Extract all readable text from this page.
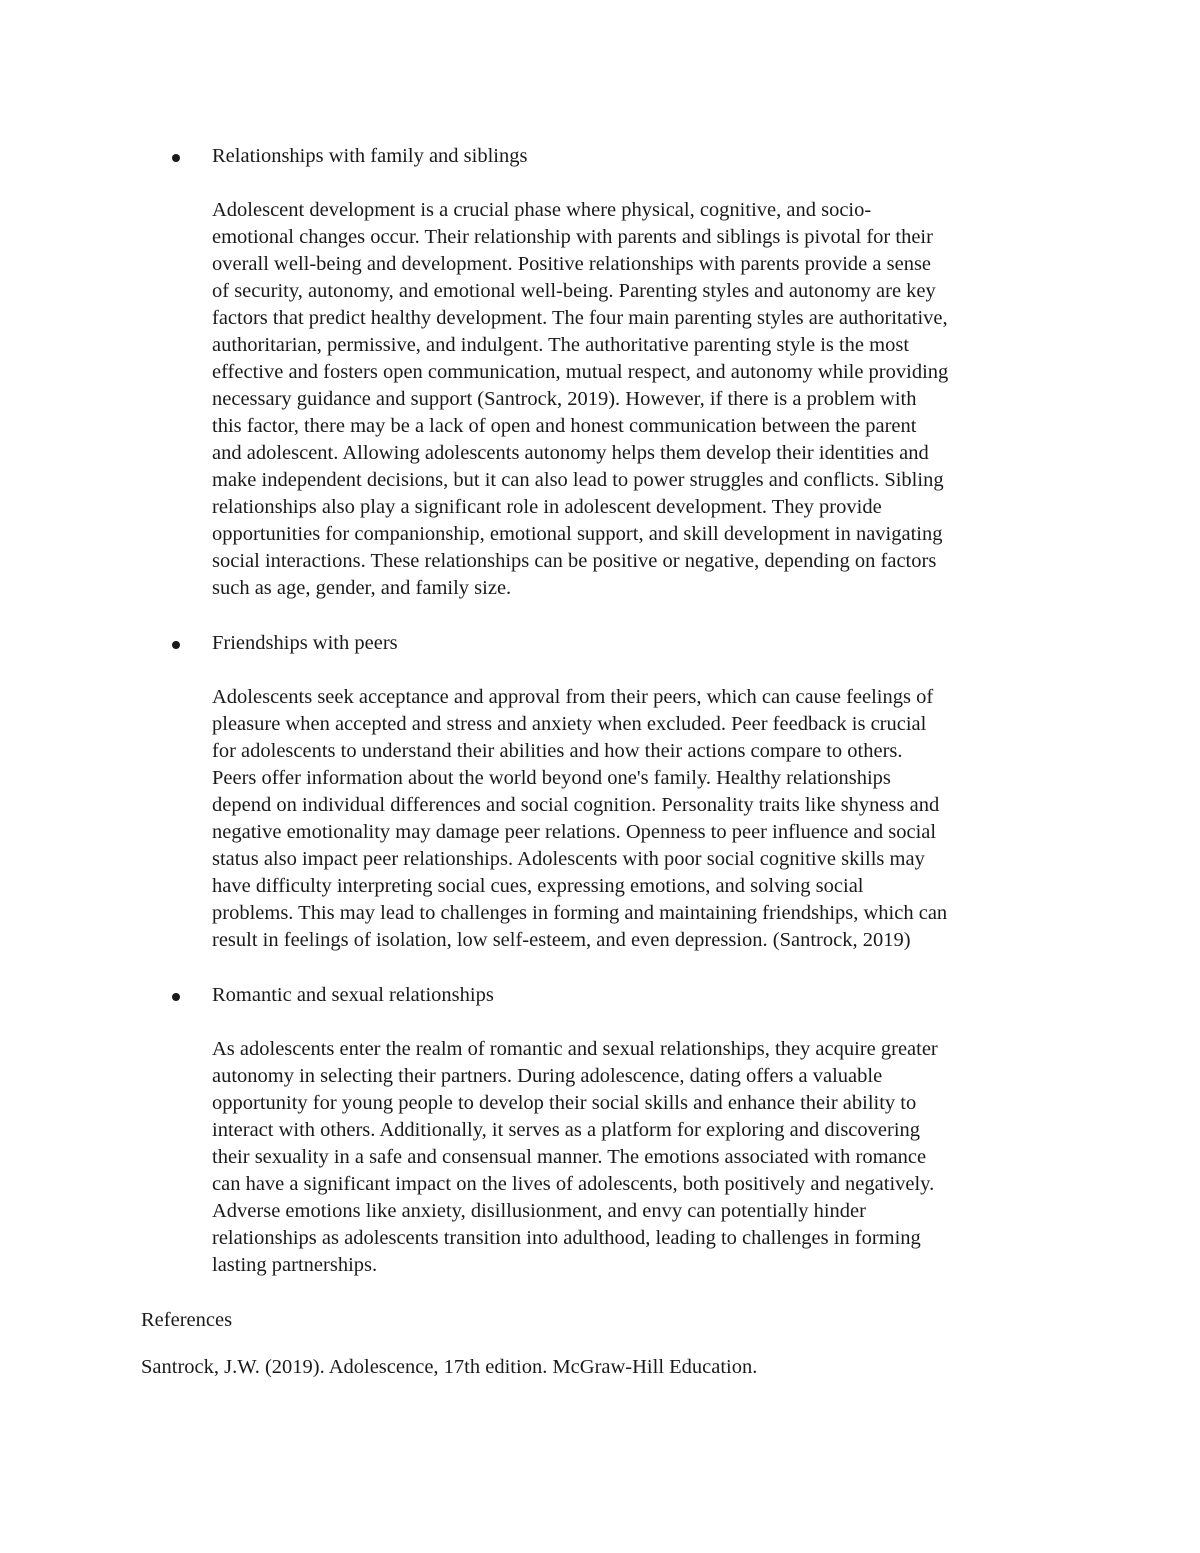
Relationships with family and siblings
Adolescent development is a crucial phase where physical, cognitive, and socio-
emotional changes occur. Their relationship with parents and siblings is pivotal for their
overall well-being and development. Positive relationships with parents provide a sense
of security, autonomy, and emotional well-being. Parenting styles and autonomy are key
factors that predict healthy development. The four main parenting styles are authoritative,
authoritarian, permissive, and indulgent. The authoritative parenting style is the most
effective and fosters open communication, mutual respect, and autonomy while providing
necessary guidance and support (Santrock, 2019). However, if there is a problem with
this factor, there may be a lack of open and honest communication between the parent
and adolescent. Allowing adolescents autonomy helps them develop their identities and
make independent decisions, but it can also lead to power struggles and conflicts. Sibling
relationships also play a significant role in adolescent development. They provide
opportunities for companionship, emotional support, and skill development in navigating
social interactions. These relationships can be positive or negative, depending on factors
such as age, gender, and family size.
Friendships with peers
Adolescents seek acceptance and approval from their peers, which can cause feelings of
pleasure when accepted and stress and anxiety when excluded. Peer feedback is crucial
for adolescents to understand their abilities and how their actions compare to others.
Peers offer information about the world beyond one's family. Healthy relationships
depend on individual differences and social cognition. Personality traits like shyness and
negative emotionality may damage peer relations. Openness to peer influence and social
status also impact peer relationships. Adolescents with poor social cognitive skills may
have difficulty interpreting social cues, expressing emotions, and solving social
problems. This may lead to challenges in forming and maintaining friendships, which can
result in feelings of isolation, low self-esteem, and even depression. (Santrock, 2019)
Romantic and sexual relationships
As adolescents enter the realm of romantic and sexual relationships, they acquire greater
autonomy in selecting their partners. During adolescence, dating offers a valuable
opportunity for young people to develop their social skills and enhance their ability to
interact with others. Additionally, it serves as a platform for exploring and discovering
their sexuality in a safe and consensual manner. The emotions associated with romance
can have a significant impact on the lives of adolescents, both positively and negatively.
Adverse emotions like anxiety, disillusionment, and envy can potentially hinder
relationships as adolescents transition into adulthood, leading to challenges in forming
lasting partnerships.
References
Santrock, J.W. (2019). Adolescence, 17th edition. McGraw-Hill Education.
